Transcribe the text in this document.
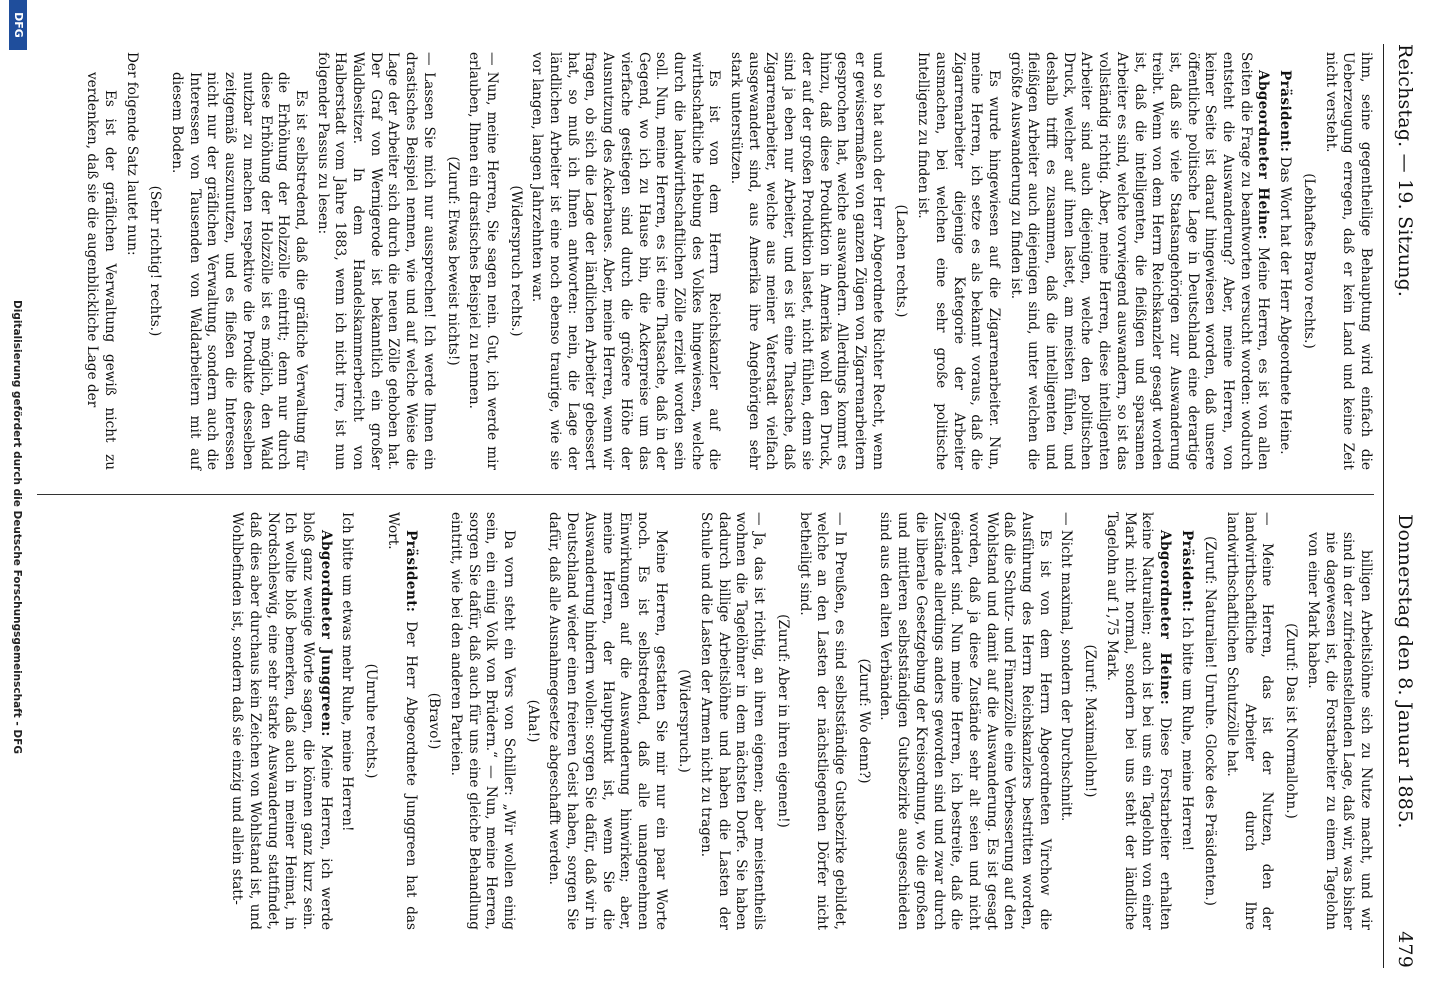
Reichstag. — 19. Sitzung.
Donnerstag den 8. Januar 1885.  479

ihm, seine gegentheilige Behauptung wird einfach die Ueberzeugung erregen, daß er kein Land und keine Zeit nicht versteht.

(Lebhaftes Bravo rechts.)

Präsident: Das Wort hat der Herr Abgeordnete Heine.

Abgeordneter Heine: Meine Herren, es ist von allen Seiten die Frage zu beantworten versucht worden: wodurch entsteht die Auswanderung? Aber, meine Herren, von keiner Seite ist darauf hingewiesen worden, daß unsere öffentliche politische Lage in Deutschland eine derartige ist, daß sie viele Staatsangehörigen zur Auswanderung treibt. Wenn von dem Herrn Reichskanzler gesagt worden ist, daß die intelligenten, die fleißigen und sparsamen Arbeiter es sind, welche vorwiegend auswandern, so ist das vollständig richtig. Aber, meine Herren, diese intelligenten Arbeiter sind auch diejenigen, welche den politischen Druck, welcher auf ihnen lastet, am meisten fühlen, und deshalb trifft es zusammen, daß die intelligenten und fleißigen Arbeiter auch diejenigen sind, unter welchen die größte Auswanderung zu finden ist.

Es wurde hingewiesen auf die Zigarrenarbeiter. Nun, meine Herren, ich setze es als bekannt voraus, daß die Zigarrenarbeiter diejenige Kategorie der Arbeiter ausmachen, bei welchen eine sehr große politische Intelligenz zu finden ist.

(Lachen rechts.)

und so hat auch der Herr Abgeordnete Richter Recht, wenn er gewissermaßen von ganzen Zügen von Zigarrenarbeitern gesprochen hat, welche auswandern. Allerdings kommt es hinzu, daß diese Produktion in Amerika wohl den Druck, der auf der großen Produktion lastet, nicht fühlen, denn sie sind ja eben nur Arbeiter, und es ist eine Thatsache, daß Zigarrenarbeiter, welche aus meiner Vaterstadt vielfach ausgewandert sind, aus Amerika ihre Angehörigen sehr stark unterstützen.

Es ist von dem Herrn Reichskanzler auf die wirthschaftliche Hebung des Volkes hingewiesen, welche durch die landwirthschaftlichen Zölle erzielt worden sein soll. Nun, meine Herren, es ist eine Thatsache, daß in der Gegend, wo ich zu Hause bin, die Ackerpreise um das vierfache gestiegen sind durch die größere Höhe der Ausnutzung des Ackerbaues. Aber, meine Herren, wenn wir fragen, ob sich die Lage der ländlichen Arbeiter gebessert hat, so muß ich Ihnen antworten: nein, die Lage der ländlichen Arbeiter ist eine noch ebenso traurige, wie sie vor langen, langen Jahrzehnten war.

(Widerspruch rechts.)

— Nun, meine Herren, Sie sagen nein. Gut, ich werde mir erlauben, Ihnen ein drastisches Beispiel zu nennen.

(Zuruf: Etwas beweist nichts!)

— Lassen Sie mich nur aussprechen! Ich werde Ihnen ein drastisches Beispiel nennen, wie und auf welche Weise die Lage der Arbeiter sich durch die neuen Zölle gehoben hat. Der Graf von Wernigerode ist bekanntlich ein großer Waldbesitzer. In dem Handelskammerbericht von Halberstadt vom Jahre 1883, wenn ich nicht irre, ist nun folgender Passus zu lesen:

Es ist selbstredend, daß die gräfliche Verwaltung für die Erhöhung der Holzzölle eintritt; denn nur durch diese Erhöhung der Holzzölle ist es möglich, den Wald nutzbar zu machen respektive die Produkte desselben zeitgemäß auszunutzen, und es fließen die Interessen nicht nur der gräflichen Verwaltung, sondern auch die Interessen von Tausenden von Waldarbeitern mit auf diesem Boden.

(Sehr richtig! rechts.)

Der folgende Satz lautet nun:

Es ist der gräflichen Verwaltung gewiß nicht zu verdenken, daß sie die augenblickliche Lage der

billigen Arbeitslöhne sich zu Nutze macht, und wir sind in der zufriedenstellenden Lage, daß wir, was bisher nie dagewesen ist, die Forstarbeiter zu einem Tagelohn von einer Mark haben.

(Zuruf: Das ist Normallohn.)

— Meine Herren, das ist der Nutzen, den der landwirthschaftliche Arbeiter durch Ihre landwirthschaftlichen Schutzzölle hat.

(Zuruf: Naturalien! Unruhe. Glocke des Präsidenten.)

Präsident: Ich bitte um Ruhe, meine Herren!

Abgeordneter Heine: Diese Forstarbeiter erhalten keine Naturalien; auch ist bei uns ein Tagelohn von einer Mark nicht normal, sondern bei uns steht der ländliche Tagelohn auf 1,75 Mark.

(Zuruf: Maximallohn!)

— Nicht maximal, sondern der Durchschnitt.

Es ist von dem Herrn Abgeordneten Virchow die Ausführung des Herrn Reichskanzlers bestritten worden, daß die Schutz- und Finanzzölle eine Verbesserung auf den Wohlstand und damit auf die Auswanderung. Es ist gesagt worden, daß ja diese Zustände sehr alt seien und nicht geändert sind. Nun meine Herren, ich bestreite, daß die Zustände allerdings anders geworden sind und zwar durch die liberale Gesetzgebung der Kreisordnung, wo die großen und mittleren selbstständigen Gutsbezirke ausgeschieden sind aus den alten Verbänden.

(Zuruf: Wo denn?)

— In Preußen, es sind selbstständige Gutsbezirke gebildet, welche an den Lasten der nächstliegenden Dörfer nicht betheiligt sind.

(Zuruf: Aber in ihren eigenen!)

— Ja, das ist richtig, an ihren eigenen; aber meistentheils wohnen die Tagelöhner in dem nächsten Dorfe. Sie haben dadurch billige Arbeitslöhne und haben die Lasten der Schule und die Lasten der Armen nicht zu tragen.

(Widerspruch.)

Meine Herren, gestatten Sie mir nur ein paar Worte noch. Es ist selbstredend, daß alle unangenehmen Einwirkungen auf die Auswanderung hinwirken; aber, meine Herren, der Hauptpunkt ist, wenn Sie die Auswanderung hindern wollen: sorgen Sie dafür, daß wir in Deutschland wieder einen freieren Geist haben, sorgen Sie dafür, daß alle Ausnahmegesetze abgeschafft werden.

(Aha!)

Da vorn steht ein Vers von Schiller: „Wir wollen einig sein, ein einig Volk von Brüdern.“ — Nun, meine Herren, sorgen Sie dafür, daß auch für uns eine gleiche Behandlung eintritt, wie bei den anderen Parteien.

(Bravo!)

Präsident: Der Herr Abgeordnete Junggreen hat das Wort.

(Unruhe rechts.)

Ich bitte um etwas mehr Ruhe, meine Herren!

Abgeordneter Junggreen: Meine Herren, ich werde bloß ganz wenige Worte sagen, die können ganz kurz sein. Ich wollte bloß bemerken, daß auch in meiner Heimat, in Nordschleswig, eine sehr starke Auswanderung stattfindet, daß dies aber durchaus kein Zeichen von Wohlstand ist, und Wohlbefinden ist, sondern daß sie einzig und allein statt-

DFG
Digitalisierung gefördert durch die Deutsche Forschungsgemeinschaft - DFG
